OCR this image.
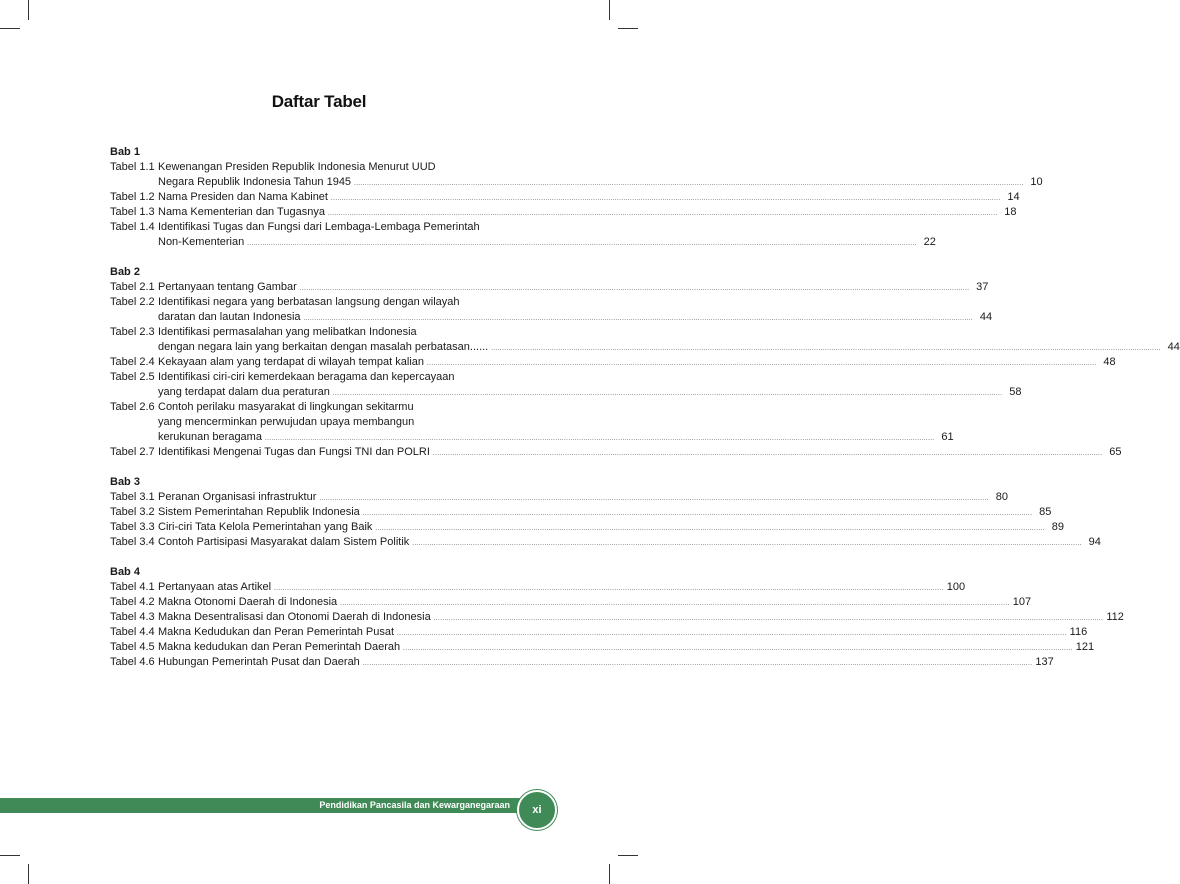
Daftar Tabel
Bab 1
Tabel 1.1 Kewenangan Presiden Republik Indonesia Menurut UUD
Negara Republik Indonesia Tahun 1945 .....	10
Tabel 1.2 Nama Presiden dan Nama Kabinet .....	14
Tabel 1.3 Nama Kementerian dan Tugasnya .....	18
Tabel 1.4 Identifikasi Tugas dan Fungsi dari Lembaga-Lembaga Pemerintah
Non-Kementerian .....	22
Bab 2
Tabel 2.1 Pertanyaan tentang Gambar .....	37
Tabel 2.2 Identifikasi negara yang berbatasan langsung dengan wilayah
daratan dan lautan Indonesia .....	44
Tabel 2.3 Identifikasi permasalahan yang melibatkan Indonesia
dengan negara lain yang berkaitan dengan masalah perbatasan...... .....	44
Tabel 2.4 Kekayaan alam yang terdapat di wilayah tempat kalian .....	48
Tabel 2.5 Identifikasi ciri-ciri kemerdekaan beragama dan kepercayaan
yang terdapat dalam dua peraturan .....	58
Tabel 2.6 Contoh perilaku masyarakat di lingkungan sekitarmu
yang mencerminkan perwujudan upaya membangun
kerukunan beragama .....	61
Tabel 2.7 Identifikasi Mengenai Tugas dan Fungsi TNI dan POLRI .....	65
Bab 3
Tabel 3.1 Peranan Organisasi infrastruktur .....	80
Tabel 3.2 Sistem Pemerintahan Republik Indonesia .....	85
Tabel 3.3 Ciri-ciri Tata Kelola Pemerintahan yang Baik .....	89
Tabel 3.4 Contoh Partisipasi Masyarakat dalam Sistem Politik .....	94
Bab 4
Tabel 4.1 Pertanyaan atas Artikel .....	100
Tabel 4.2 Makna Otonomi Daerah di Indonesia .....	107
Tabel 4.3 Makna Desentralisasi dan Otonomi Daerah di Indonesia .....	112
Tabel 4.4 Makna Kedudukan dan Peran Pemerintah Pusat .....	116
Tabel 4.5 Makna kedudukan dan Peran Pemerintah Daerah .....	121
Tabel 4.6 Hubungan Pemerintah Pusat dan Daerah .....	137
Pendidikan Pancasila dan Kewarganegaraan	xi
